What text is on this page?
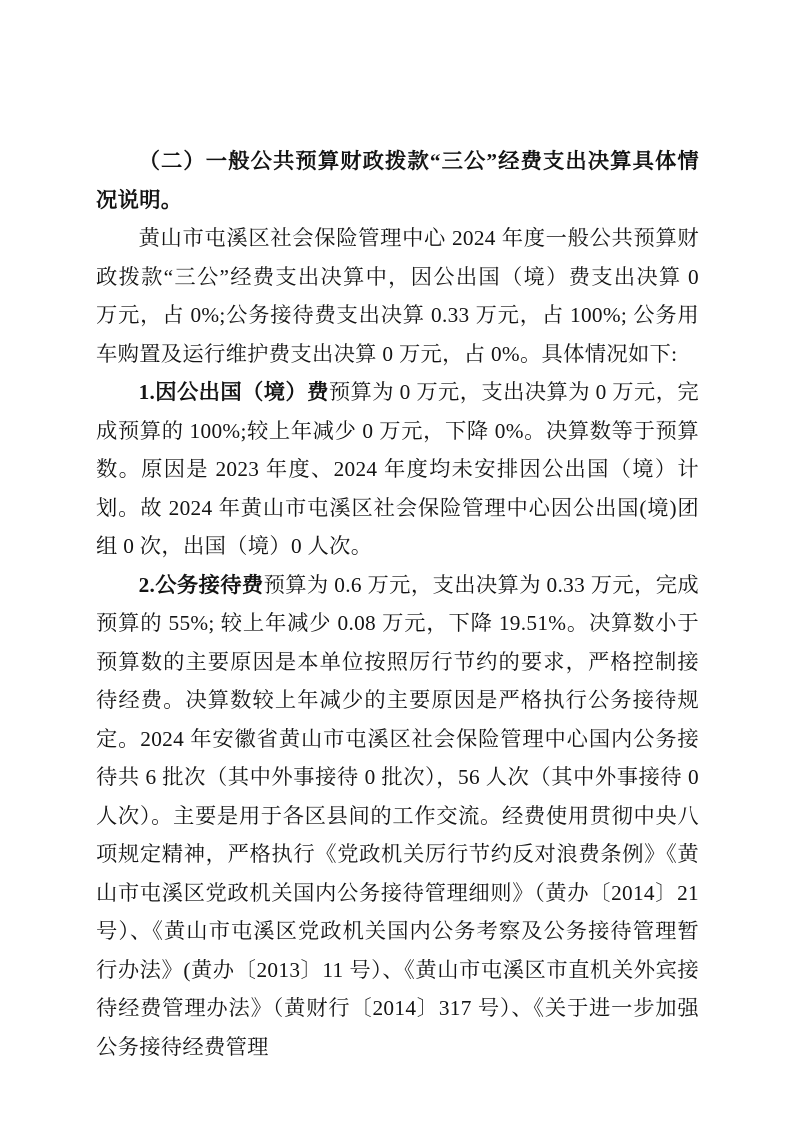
（二）一般公共预算财政拨款“三公”经费支出决算具体情况说明。

黄山市屯溪区社会保险管理中心 2024 年度一般公共预算财政拨款“三公”经费支出决算中，因公出国（境）费支出决算 0 万元，占 0%;公务接待费支出决算 0.33 万元，占 100%; 公务用车购置及运行维护费支出决算 0 万元，占 0%。具体情况如下:

1.因公出国（境）费预算为 0 万元，支出决算为 0 万元，完成预算的 100%;较上年减少 0 万元，下降 0%。决算数等于预算数。原因是 2023 年度、2024 年度均未安排因公出国（境）计划。故 2024 年黄山市屯溪区社会保险管理中心因公出国(境)团组 0 次，出国（境）0 人次。

2.公务接待费预算为 0.6 万元，支出决算为 0.33 万元，完成预算的 55%; 较上年减少 0.08 万元，下降 19.51%。决算数小于预算数的主要原因是本单位按照厉行节约的要求，严格控制接待经费。决算数较上年减少的主要原因是严格执行公务接待规定。2024 年安徽省黄山市屯溪区社会保险管理中心国内公务接待共 6 批次（其中外事接待 0 批次），56 人次（其中外事接待 0 人次）。主要是用于各区县间的工作交流。经费使用贯彻中央八项规定精神，严格执行《党政机关厉行节约反对浪费条例》《黄山市屯溪区党政机关国内公务接待管理细则》（黄办〔2014〕21 号）、《黄山市屯溪区党政机关国内公务考察及公务接待管理暂行办法》(黄办〔2013〕11 号）、《黄山市屯溪区市直机关外宾接待经费管理办法》（黄财行〔2014〕317 号）、《关于进一步加强公务接待经费管理
